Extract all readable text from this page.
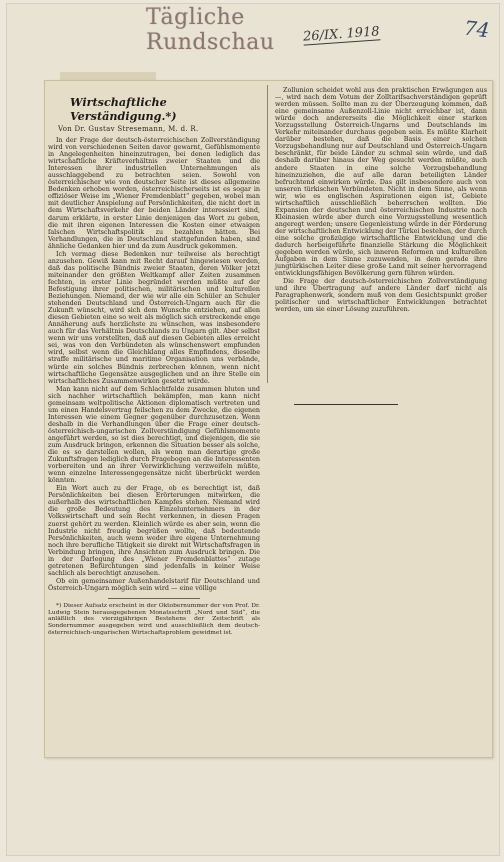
Tägliche Rundschau	26/IX. 1918	74
Wirtschaftliche Verständigung.*)
Von Dr. Gustav Stresemann, M. d. R.

In der Frage der deutsch-österreichischen Zollverständigung wird von verschiedenen Seiten davor gewarnt, Gefühlsmomente in Angelegenheiten hineinzutragen, bei denen lediglich das wirtschaftliche Kräfteverhältnis zweier Staaten und die Interessen ihrer industriellen Unternehmungen als ausschlaggebend zu betrachten seien. Sowohl von österreichischer wie von deutscher Seite ist dieses allgemeine Bedenken erhoben worden, österreichischerseits ist es sogar in offiziöser Weise im „Wiener Fremdenblatt“ gegeben, wobei man mit deutlicher Anspielung auf Persönlichkeiten, die nicht dort in dem Wirtschaftsverkehr der beiden Länder interessiert sind, darum erklärte, in erster Linie denjenigen das Wort zu geben, die mit ihren eigenen Interessen die Kosten einer etwaigen falschen Wirtschaftspolitik zu bezahlen hätten. Bei Verhandlungen, die in Deutschland stattgefunden haben, sind ähnliche Gedanken hier und da zum Ausdruck gekommen.

Ich vermag diese Bedenken nur teilweise als berechtigt anzusehen. Gewiß kann mit Recht darauf hingewiesen werden, daß das politische Bündnis zweier Staaten, deren Völker jetzt miteinander den größten Weltkampf aller Zeiten zusammen fechten, in erster Linie begründet werden müßte auf der Befestigung ihrer politischen, militärischen und kulturellen Beziehungen. Niemand, der wie wir alle ein Schüler an Schuler stehenden Deutschland und Österreich-Ungarn auch für die Zukunft wünscht, wird sich dem Wunsche entziehen, auf allen diesen Gebieten eine so weit als möglich sich erstreckende enge Annäherung aufs herzlichste zu wünschen, was insbesondere auch für das Verhältnis Deutschlands zu Ungarn gilt. Aber selbst wenn wir uns vorstellten, daß auf diesen Gebieten alles erreicht sei, was von den Verbündeten als wünschenswert empfunden wird, selbst wenn die Gleichklang alles Empfindens, dieselbe straffe militärische und maritime Organisation uns verbände, würde ein solches Bündnis zerbrechen können, wenn nicht wirtschaftliche Gegensätze ausgeglichen und an ihre Stelle ein wirtschaftliches Zusammenwirken gesetzt würde.

Man kann nicht auf dem Schlachtfelde zusammen bluten und sich nachher wirtschaftlich bekämpfen, man kann nicht gemeinsam weltpolitische Aktionen diplomatisch vertreten und um einen Handelsvertrag feilschen zu dem Zwecke, die eigenen Interessen wie einem Gegner gegenüber durchzusetzen. Wenn deshalb in die Verhandlungen über die Frage einer deutsch-österreichisch-ungarischen Zollverständigung Gefühlsmomente angeführt werden, so ist dies berechtigt, und diejenigen, die sie zum Ausdruck bringen, erkennen die Situation besser als solche, die es so darstellen wollen, als wenn man derartige große Zukunftsfragen lediglich durch Fragebogen an die Interessenten vorbereiten und an ihrer Verwirklichung verzweifeln müßte, wenn einzelne Interessengegensätze nicht überbrückt werden könnten.

Ein Wort auch zu der Frage, ob es berechtigt ist, daß Persönlichkeiten bei diesen Erörterungen mitwirken, die außerhalb des wirtschaftlichen Kampfes stehen. Niemand wird die große Bedeutung des Einzelunternehmers in der Volkswirtschaft und sein Recht verkennen, in diesen Fragen zuerst gehört zu werden. Kleinlich würde es aber sein, wenn die Industrie nicht freudig begrüßen wollte, daß bedeutende Persönlichkeiten, auch wenn weder ihre eigene Unternehmung noch ihre berufliche Tätigkeit sie direkt mit Wirtschaftsfragen in Verbindung bringen, ihre Ansichten zum Ausdruck bringen. Die in der Darlegung des „Wiener Fremdenblattes“ zutage getretenen Befürchtungen sind jedenfalls in keiner Weise sachlich als berechtigt anzusehen.

Ob ein gemeinsamer Außenhandelstarif für Deutschland und Österreich-Ungarn möglich sein wird — eine völlige

*) Dieser Aufsatz erscheint in der Oktobernummer der von Prof. Dr. Ludwig Stein herausgegebenen Monatsschrift „Nord und Süd“, die anläßlich des vierzigjährigen Bestehens der Zeitschrift als Sondernummer ausgegeben wird und ausschließlich dem deutsch-österreichisch-ungarischen Wirtschaftsproblem gewidmet ist.

Zollunion scheidet wohl aus den praktischen Erwägungen aus —, wird nach dem Votum der Zolltarifsachverständigen geprüft werden müssen. Sollte man zu der Überzeugung kommen, daß eine gemeinsame Außenzoll-Linie nicht erreichbar ist, dann würde doch andererseits die Möglichkeit einer starken Vorzugsstellung Österreich-Ungarns und Deutschlands im Verkehr miteinander durchaus gegeben sein. Es müßte Klarheit darüber bestehen, daß die Basis einer solchen Vorzugsbehandlung nur auf Deutschland und Österreich-Ungarn beschränkt, für beide Länder zu schmal sein würde, und daß deshalb darüber hinaus der Weg gesucht werden müßte, auch andere Staaten in eine solche Vorzugsbehandlung hineinzuziehen, die auf alle daran beteiligten Länder befruchtend einwirken würde. Das gilt insbesondere auch von unseren türkischen Verbündeten. Nicht in dem Sinne, als wenn wir, wie es englischen Aspirationen eigen ist, Gebiete wirtschaftlich ausschließlich beherrschen wollten. Die Expansion der deutschen und österreichischen Industrie nach Kleinasien würde aber durch eine Vorzugsstellung wesentlich angeregt werden; unsere Gegenleistung würde in der Förderung der wirtschaftlichen Entwicklung der Türkei bestehen, der durch eine solche großzügige wirtschaftliche Entwicklung und die dadurch herbeigeführte finanzielle Stärkung die Möglichkeit gegeben werden würde, sich inneren Reformen und kulturellen Aufgaben in dem Sinne zuzuwenden, in dem gerade ihre jungtürkischen Leiter diese große Land mit seiner hervorragend entwicklungsfähigen Bevölkerung gern führen würden.

Die Frage der deutsch-österreichischen Zollverständigung und ihre Übertragung auf andere Länder darf nicht als Paragraphenwerk, sondern muß von dem Gesichtspunkt großer politischer und wirtschaftlicher Entwicklungen betrachtet werden, um sie einer Lösung zuzuführen.
